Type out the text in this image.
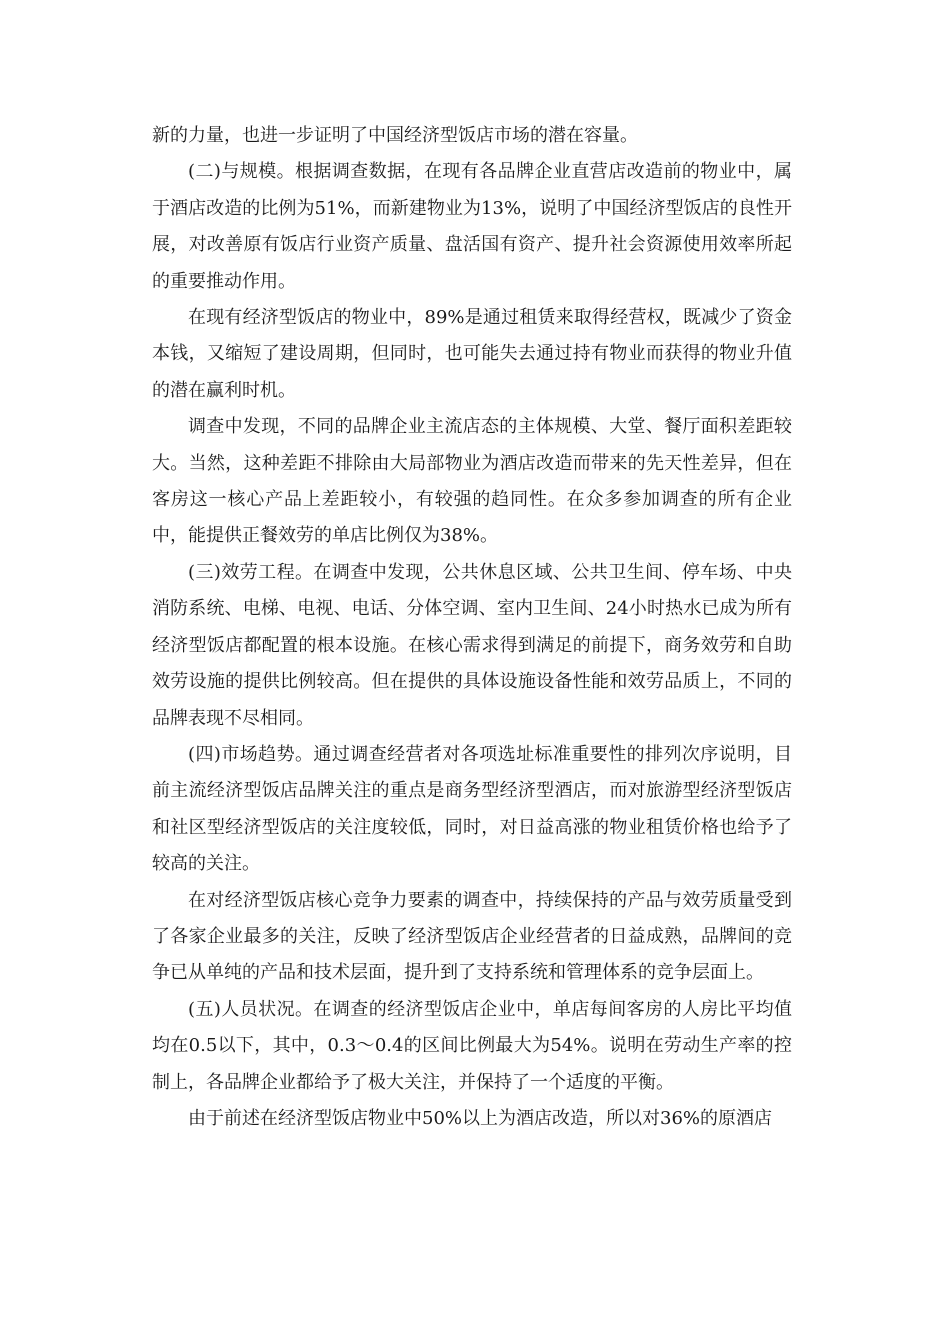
新的力量，也进一步证明了中国经济型饭店市场的潜在容量。

(二)与规模。根据调查数据，在现有各品牌企业直营店改造前的物业中，属于酒店改造的比例为51%，而新建物业为13%，说明了中国经济型饭店的良性开展，对改善原有饭店行业资产质量、盘活国有资产、提升社会资源使用效率所起的重要推动作用。

在现有经济型饭店的物业中，89%是通过租赁来取得经营权，既减少了资金本钱，又缩短了建设周期，但同时，也可能失去通过持有物业而获得的物业升值的潜在赢利时机。

调查中发现，不同的品牌企业主流店态的主体规模、大堂、餐厅面积差距较大。当然，这种差距不排除由大局部物业为酒店改造而带来的先天性差异，但在客房这一核心产品上差距较小，有较强的趋同性。在众多参加调查的所有企业中，能提供正餐效劳的单店比例仅为38%。

(三)效劳工程。在调查中发现，公共休息区域、公共卫生间、停车场、中央消防系统、电梯、电视、电话、分体空调、室内卫生间、24小时热水已成为所有经济型饭店都配置的根本设施。在核心需求得到满足的前提下，商务效劳和自助效劳设施的提供比例较高。但在提供的具体设施设备性能和效劳品质上，不同的品牌表现不尽相同。

(四)市场趋势。通过调查经营者对各项选址标准重要性的排列次序说明，目前主流经济型饭店品牌关注的重点是商务型经济型酒店，而对旅游型经济型饭店和社区型经济型饭店的关注度较低，同时，对日益高涨的物业租赁价格也给予了较高的关注。

在对经济型饭店核心竞争力要素的调查中，持续保持的产品与效劳质量受到了各家企业最多的关注，反映了经济型饭店企业经营者的日益成熟，品牌间的竞争已从单纯的产品和技术层面，提升到了支持系统和管理体系的竞争层面上。

(五)人员状况。在调查的经济型饭店企业中，单店每间客房的人房比平均值均在0.5以下，其中，0.3～0.4的区间比例最大为54%。说明在劳动生产率的控制上，各品牌企业都给予了极大关注，并保持了一个适度的平衡。

由于前述在经济型饭店物业中50%以上为酒店改造，所以对36%的原酒店
